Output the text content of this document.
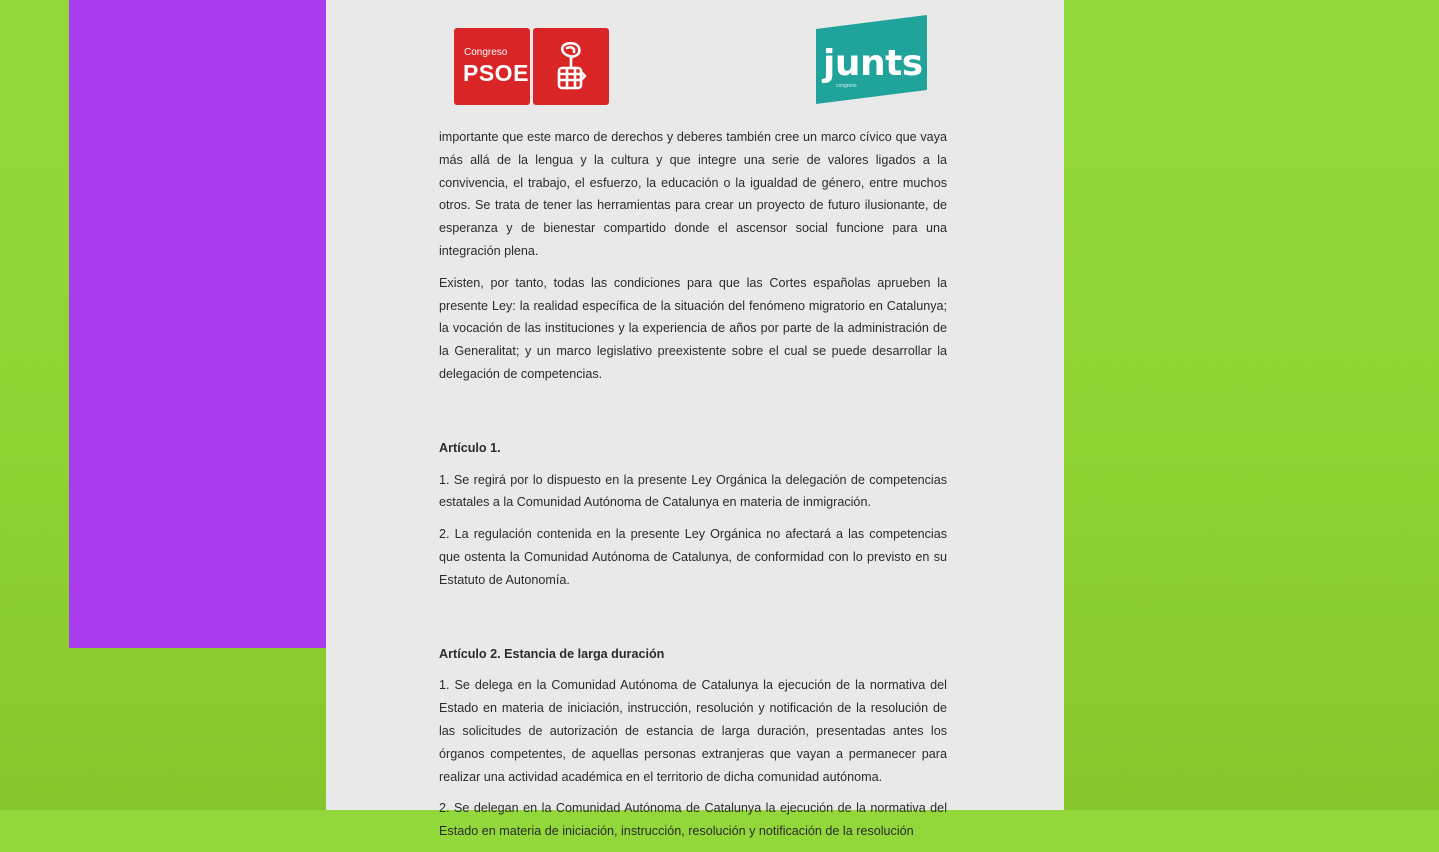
Congreso
PSOE	junts
congreso

importante que este marco de derechos y deberes también cree un marco cívico que vaya más allá de la lengua y la cultura y que integre una serie de valores ligados a la convivencia, el trabajo, el esfuerzo, la educación o la igualdad de género, entre muchos otros. Se trata de tener las herramientas para crear un proyecto de futuro ilusionante, de esperanza y de bienestar compartido donde el ascensor social funcione para una integración plena.

Existen, por tanto, todas las condiciones para que las Cortes españolas aprueben la presente Ley: la realidad específica de la situación del fenómeno migratorio en Catalunya; la vocación de las instituciones y la experiencia de años por parte de la administración de la Generalitat; y un marco legislativo preexistente sobre el cual se puede desarrollar la delegación de competencias.

Artículo 1.

1. Se regirá por lo dispuesto en la presente Ley Orgánica la delegación de competencias estatales a la Comunidad Autónoma de Catalunya en materia de inmigración.

2. La regulación contenida en la presente Ley Orgánica no afectará a las competencias que ostenta la Comunidad Autónoma de Catalunya, de conformidad con lo previsto en su Estatuto de Autonomía.

Artículo 2. Estancia de larga duración

1. Se delega en la Comunidad Autónoma de Catalunya la ejecución de la normativa del Estado en materia de iniciación, instrucción, resolución y notificación de la resolución de las solicitudes de autorización de estancia de larga duración, presentadas antes los órganos competentes, de aquellas personas extranjeras que vayan a permanecer para realizar una actividad académica en el territorio de dicha comunidad autónoma.

2. Se delegan en la Comunidad Autónoma de Catalunya la ejecución de la normativa del Estado en materia de iniciación, instrucción, resolución y notificación de la resolución
